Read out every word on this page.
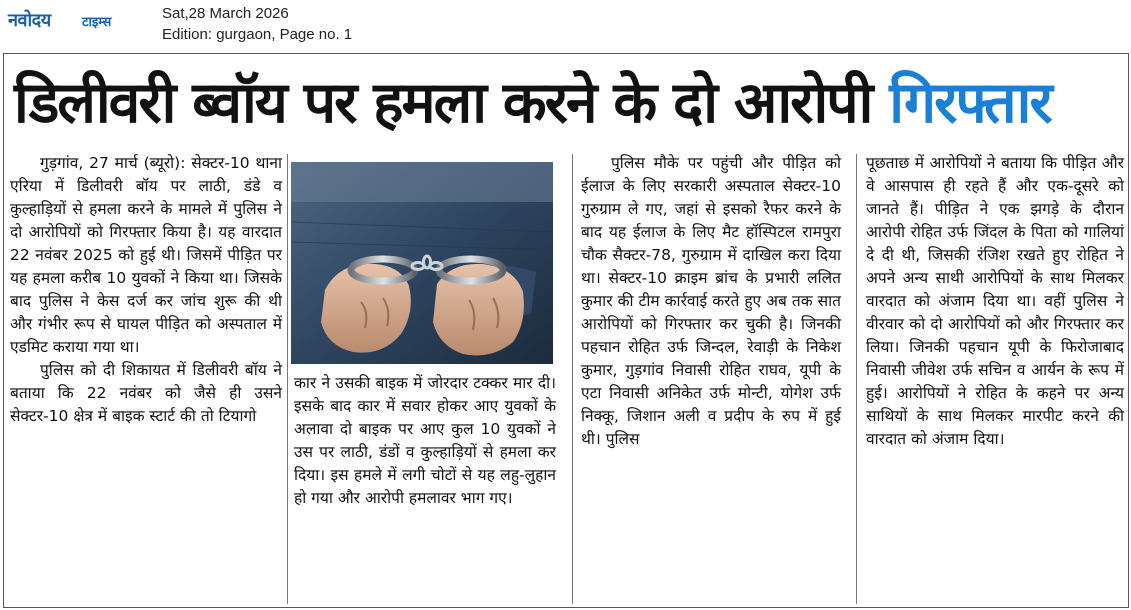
नवोदय टाइम्स
Sat,28 March 2026
Edition: gurgaon, Page no. 1
डिलीवरी ब्वॉय पर हमला करने के दो आरोपी गिरफ्तार

गुड़गांव, 27 मार्च (ब्यूरो): सेक्टर-10 थाना एरिया में डिलीवरी बॉय पर लाठी, डंडे व कुल्हाड़ियों से हमला करने के मामले में पुलिस ने दो आरोपियों को गिरफ्तार किया है। यह वारदात 22 नवंबर 2025 को हुई थी। जिसमें पीड़ित पर यह हमला करीब 10 युवकों ने किया था। जिसके बाद पुलिस ने केस दर्ज कर जांच शुरू की थी और गंभीर रूप से घायल पीड़ित को अस्पताल में एडमिट कराया गया था।

पुलिस को दी शिकायत में डिलीवरी बॉय ने बताया कि 22 नवंबर को जैसे ही उसने सेक्टर-10 क्षेत्र में बाइक स्टार्ट की तो टियागो

कार ने उसकी बाइक में जोरदार टक्कर मार दी। इसके बाद कार में सवार होकर आए युवकों के अलावा दो बाइक पर आए कुल 10 युवकों ने उस पर लाठी, डंडों व कुल्हाड़ियों से हमला कर दिया। इस हमले में लगी चोटों से यह लहु-लुहान हो गया और आरोपी हमलावर भाग गए।

पुलिस मौके पर पहुंची और पीड़ित को ईलाज के लिए सरकारी अस्पताल सेक्टर-10 गुरुग्राम ले गए, जहां से इसको रैफर करने के बाद यह ईलाज के लिए मैट हॉस्पिटल रामपुरा चौक सैक्टर-78, गुरुग्राम में दाखिल करा दिया था। सेक्टर-10 क्राइम ब्रांच के प्रभारी ललित कुमार की टीम कार्रवाई करते हुए अब तक सात आरोपियों को गिरफ्तार कर चुकी है। जिनकी पहचान रोहित उर्फ जिन्दल, रेवाड़ी के निकेश कुमार, गुड़गांव निवासी रोहित राघव, यूपी के एटा निवासी अनिकेत उर्फ मोन्टी, योगेश उर्फ निक्कू, जिशान अली व प्रदीप के रुप में हुई थी। पुलिस

पूछताछ में आरोपियों ने बताया कि पीड़ित और वे आसपास ही रहते हैं और एक-दूसरे को जानते हैं। पीड़ित ने एक झगड़े के दौरान आरोपी रोहित उर्फ जिंदल के पिता को गालियां दे दी थी, जिसकी रंजिश रखते हुए रोहित ने अपने अन्य साथी आरोपियों के साथ मिलकर वारदात को अंजाम दिया था। वहीं पुलिस ने वीरवार को दो आरोपियों को और गिरफ्तार कर लिया। जिनकी पहचान यूपी के फिरोजाबाद निवासी जीवेश उर्फ सचिन व आर्यन के रूप में हुई। आरोपियों ने रोहित के कहने पर अन्य साथियों के साथ मिलकर मारपीट करने की वारदात को अंजाम दिया।
